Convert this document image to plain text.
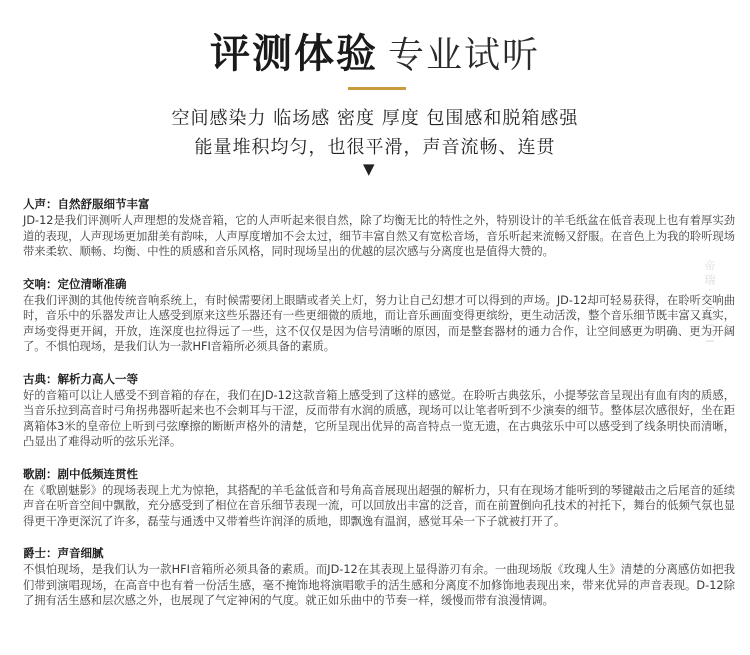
评测体验 专业试听
空间感染力 临场感 密度 厚度 包围感和脱箱感强
能量堆积均匀，也很平滑，声音流畅、连贯
▼
人声：自然舒服细节丰富
JD-12是我们评测听人声理想的发烧音箱，它的人声听起来很自然，除了均衡无比的特性之外，特别设计的羊毛纸盆在低音表现上也有着厚实劲道的表现，人声现场更加甜美有韵味，人声厚度增加不会太过，细节丰富自然又有宽松音场，音乐听起来流畅又舒服。在音色上为我的聆听现场带来柔软、顺畅、均衡、中性的质感和音乐风格，同时现场呈出的优越的层次感与分离度也是值得大赞的。
交响：定位清晰准确
在我们评测的其他传统音响系统上，有时候需要闭上眼睛或者关上灯，努力让自己幻想才可以得到的声场。JD-12却可轻易获得，在聆听交响曲时，音乐中的乐器发声让人感受到原来这些乐器还有一些更细微的质地，而让音乐画面变得更缤纷，更生动活泼，整个音乐细节既丰富又真实，声场变得更开阔，开放，连深度也拉得远了一些，这不仅仅是因为信号清晰的原因，而是整套器材的通力合作，让空间感更为明确、更为开阔了。不惧怕现场，是我们认为一款HFI音箱所必须具备的素质。
古典：解析力高人一等
好的音箱可以让人感受不到音箱的存在，我们在JD-12这款音箱上感受到了这样的感觉。在聆听古典弦乐，小提琴弦音呈现出有血有肉的质感，当音乐拉到高音时弓角拐弗器听起来也不会刺耳与干涩，反而带有水润的质感，现场可以让笔者听到不少演奏的细节。整体层次感很好，坐在距离箱体3米的皇帝位上听到弓弦摩擦的断断声格外的清楚，它所呈现出优异的高音特点一览无遗，在古典弦乐中可以感受到了线条明快而清晰，凸显出了难得动听的弦乐光泽。
歌剧：剧中低频连贯性
在《歌剧魅影》的现场表现上尤为惊艳，其搭配的羊毛盆低音和号角高音展现出超强的解析力，只有在现场才能听到的琴键敲击之后尾音的延续声音在听音空间中飘散，充分感受到了相位在音乐细节表现一流，可以回放出丰富的泛音，而在前置倒向孔技术的衬托下，舞台的低频气氛也显得更干净更深沉了许多，磊莹与通透中又带着些许润泽的质地，即飘逸有温润，感觉耳朵一下子就被打开了。
爵士：声音细腻
不惧怕现场，是我们认为一款HFI音箱所必须具备的素质。而JD-12在其表现上显得游刃有余。一曲现场版《玫瑰人生》清楚的分离感仿如把我们带到演唱现场，在高音中也有着一份活生感，毫不掩饰地将演唱歌手的活生感和分离度不加修饰地表现出来，带来优异的声音表现。D-12除了拥有活生感和层次感之外，也展现了气定神闲的气度。就正如乐曲中的节奏一样，缓慢而带有浪漫情调。
帝瑞·DIHIYI
